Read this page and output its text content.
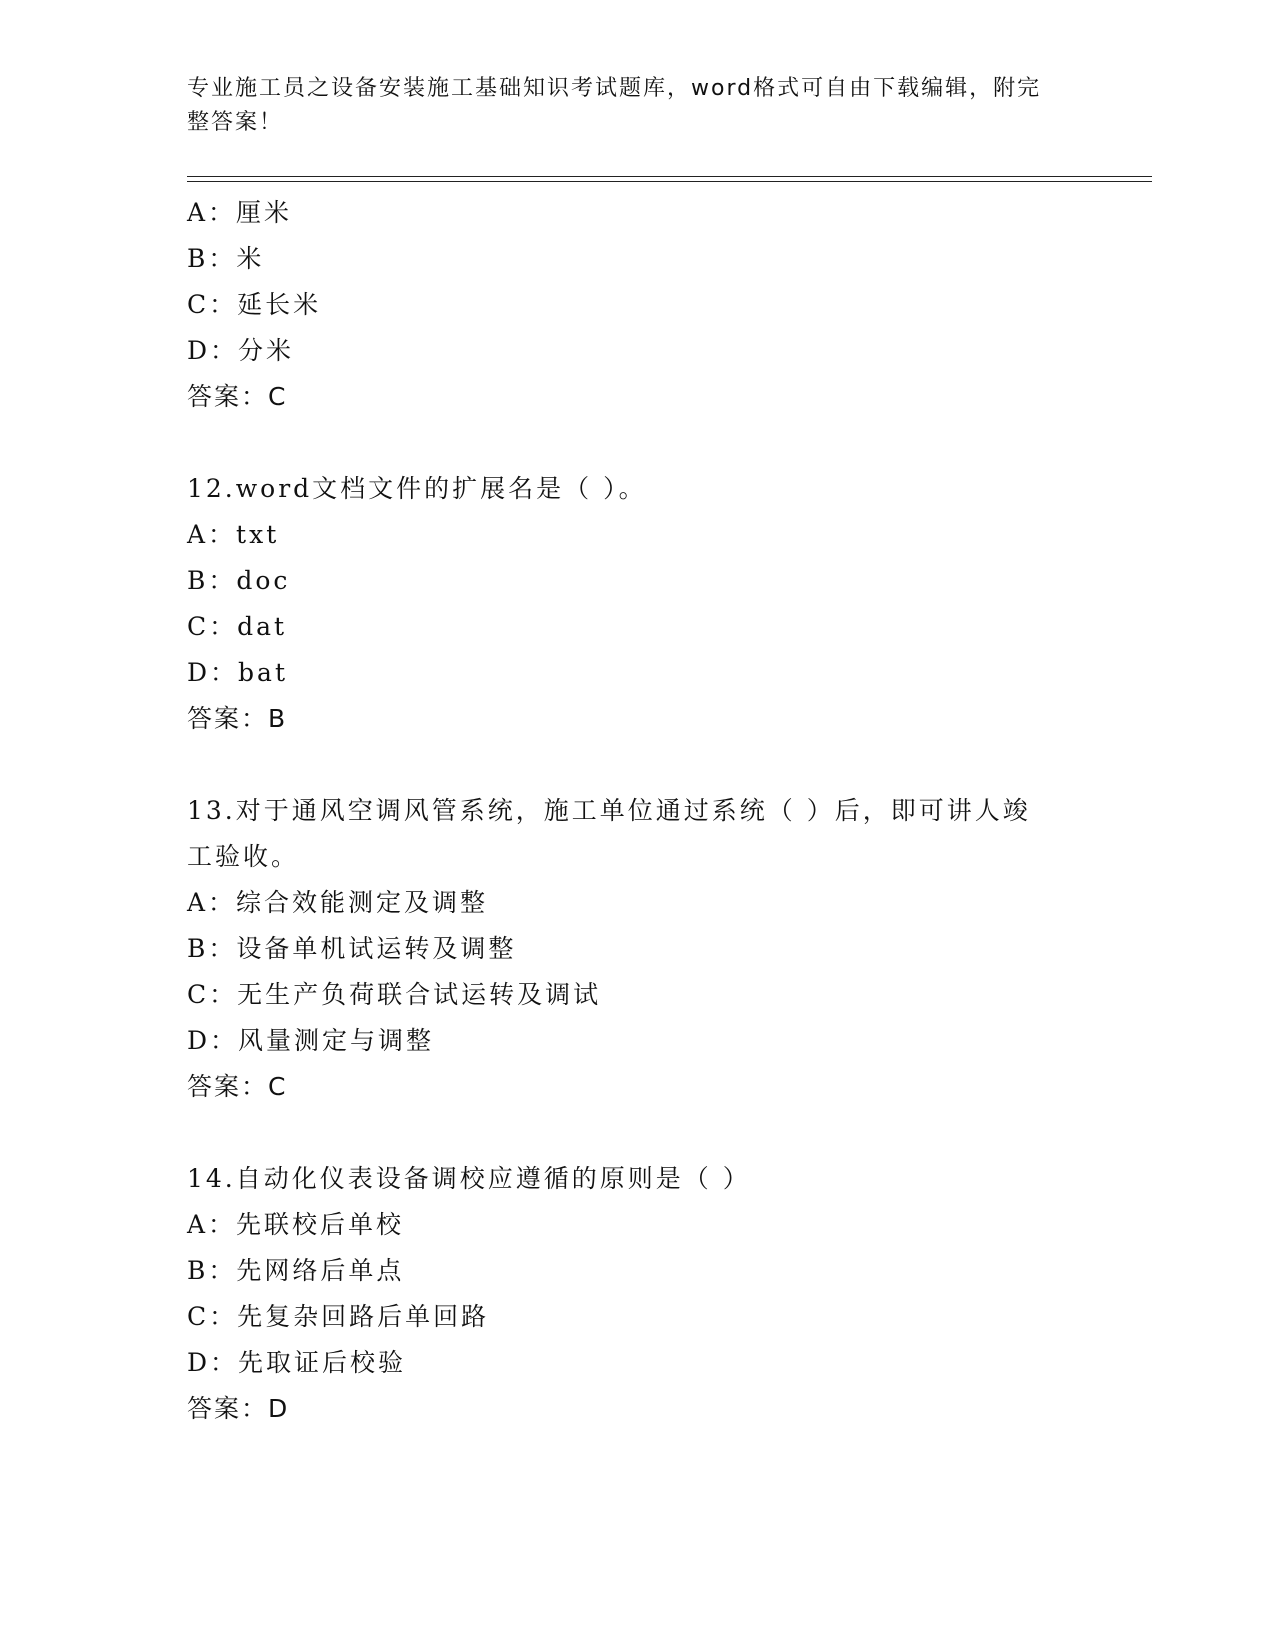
专业施工员之设备安装施工基础知识考试题库，word格式可自由下载编辑，附完
整答案！
A：厘米
B：米
C：延长米
D：分米
答案：C
12.word文档文件的扩展名是（ ）。
A：txt
B：doc
C：dat
D：bat
答案：B
13.对于通风空调风管系统，施工单位通过系统（ ）后，即可讲人竣
工验收。
A：综合效能测定及调整
B：设备单机试运转及调整
C：无生产负荷联合试运转及调试
D：风量测定与调整
答案：C
14.自动化仪表设备调校应遵循的原则是（ ）
A：先联校后单校
B：先网络后单点
C：先复杂回路后单回路
D：先取证后校验
答案：D
